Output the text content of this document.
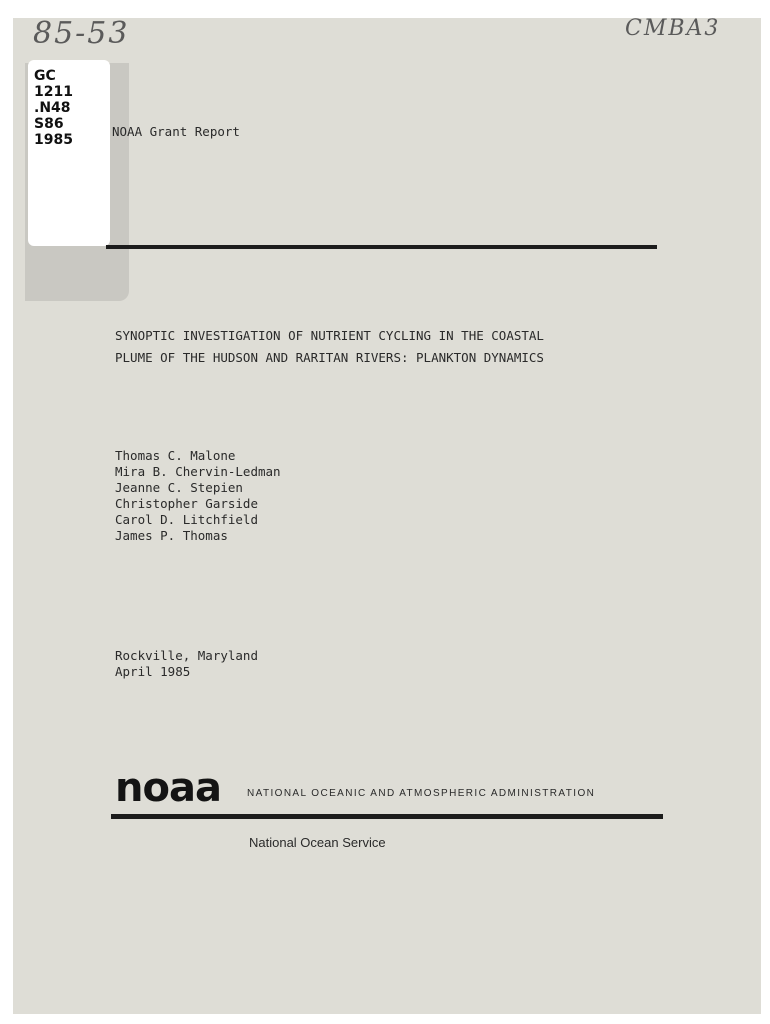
85-53	CMBA3
GC
1211
.N48
S86
1985
NOAA Grant Report
SYNOPTIC INVESTIGATION OF NUTRIENT CYCLING IN THE COASTAL
PLUME OF THE HUDSON AND RARITAN RIVERS: PLANKTON DYNAMICS
Thomas C. Malone
Mira B. Chervin-Ledman
Jeanne C. Stepien
Christopher Garside
Carol D. Litchfield
James P. Thomas
Rockville, Maryland
April 1985
noaa	NATIONAL OCEANIC AND ATMOSPHERIC ADMINISTRATION
National Ocean Service
